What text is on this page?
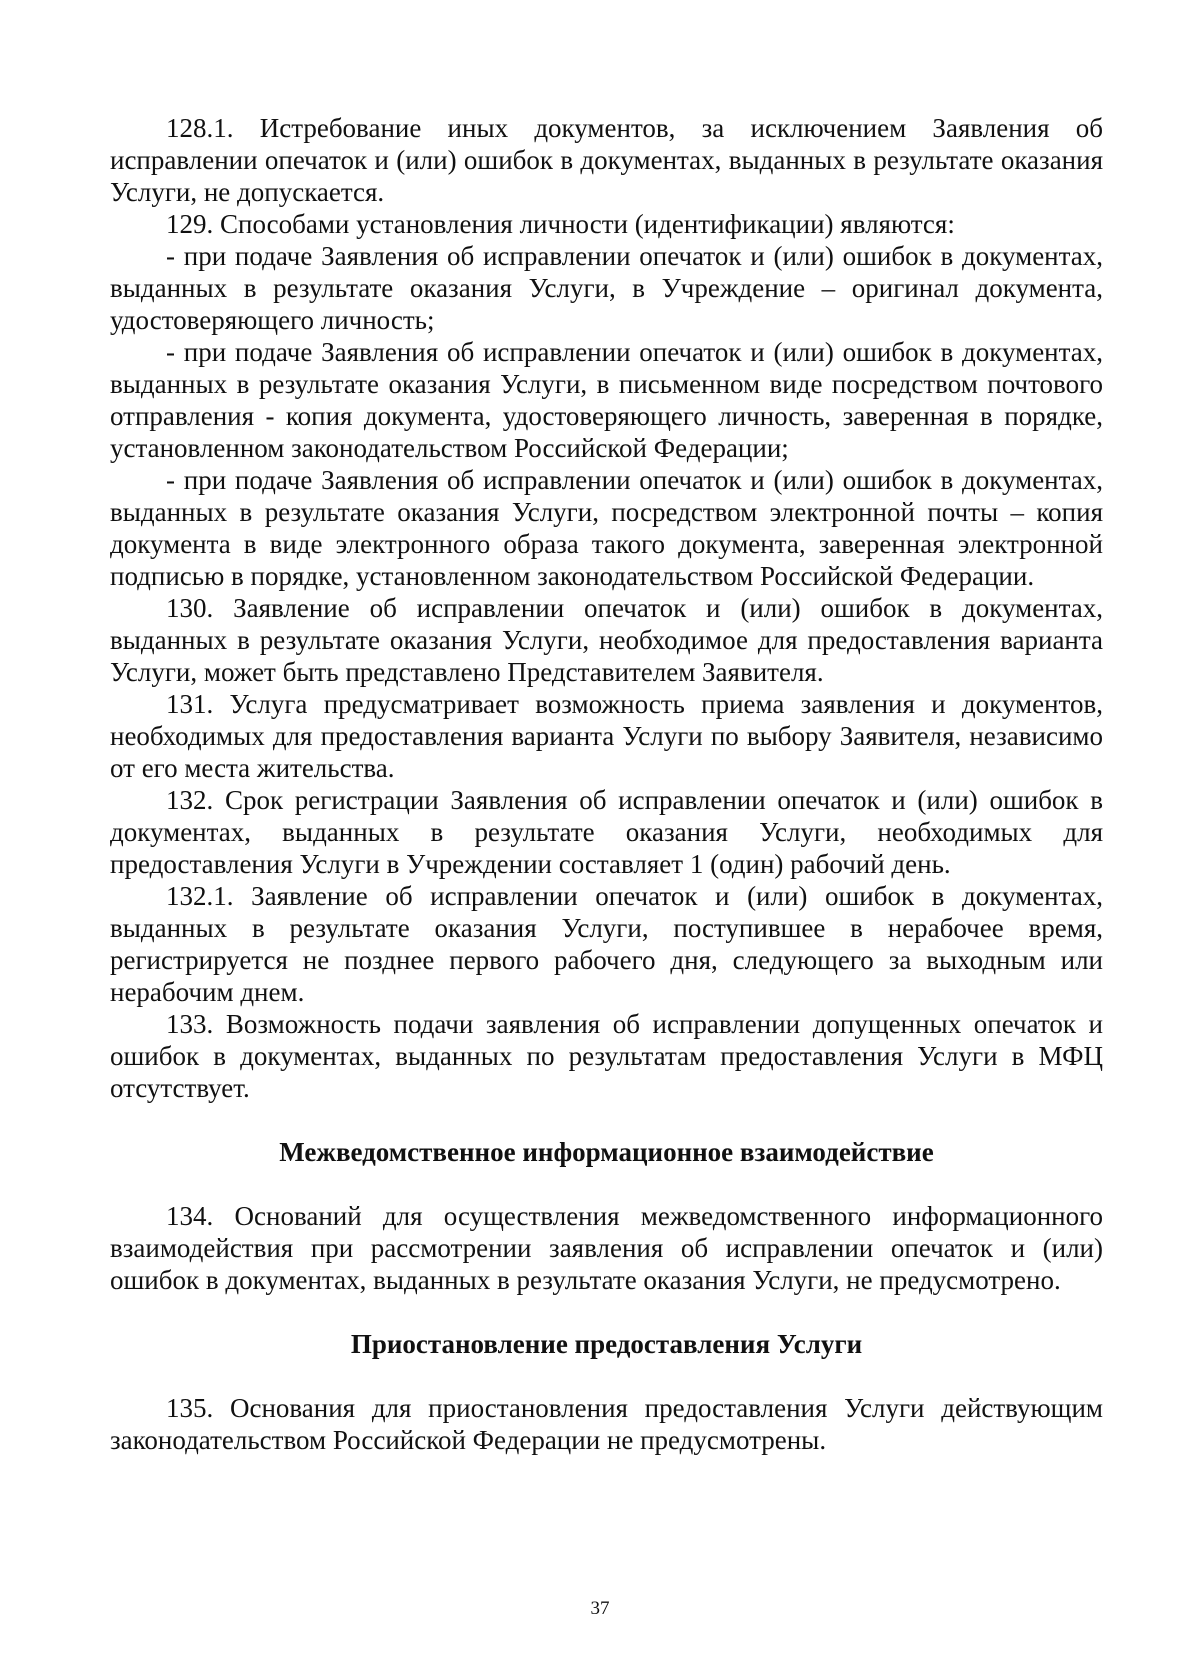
128.1. Истребование иных документов, за исключением Заявления об исправлении опечаток и (или) ошибок в документах, выданных в результате оказания Услуги, не допускается.

129. Способами установления личности (идентификации) являются:

- при подаче Заявления об исправлении опечаток и (или) ошибок в документах, выданных в результате оказания Услуги, в Учреждение – оригинал документа, удостоверяющего личность;

- при подаче Заявления об исправлении опечаток и (или) ошибок в документах, выданных в результате оказания Услуги, в письменном виде посредством почтового отправления - копия документа, удостоверяющего личность, заверенная в порядке, установленном законодательством Российской Федерации;

- при подаче Заявления об исправлении опечаток и (или) ошибок в документах, выданных в результате оказания Услуги, посредством электронной почты – копия документа в виде электронного образа такого документа, заверенная электронной подписью в порядке, установленном законодательством Российской Федерации.

130. Заявление об исправлении опечаток и (или) ошибок в документах, выданных в результате оказания Услуги, необходимое для предоставления варианта Услуги, может быть представлено Представителем Заявителя.

131. Услуга предусматривает возможность приема заявления и документов, необходимых для предоставления варианта Услуги по выбору Заявителя, независимо от его места жительства.

132. Срок регистрации Заявления об исправлении опечаток и (или) ошибок в документах, выданных в результате оказания Услуги, необходимых для предоставления Услуги в Учреждении составляет 1 (один) рабочий день.

132.1. Заявление об исправлении опечаток и (или) ошибок в документах, выданных в результате оказания Услуги, поступившее в нерабочее время, регистрируется не позднее первого рабочего дня, следующего за выходным или нерабочим днем.

133. Возможность подачи заявления об исправлении допущенных опечаток и ошибок в документах, выданных по результатам предоставления Услуги в МФЦ отсутствует.

Межведомственное информационное взаимодействие

134. Оснований для осуществления межведомственного информационного взаимодействия при рассмотрении заявления об исправлении опечаток и (или) ошибок в документах, выданных в результате оказания Услуги, не предусмотрено.

Приостановление предоставления Услуги

135. Основания для приостановления предоставления Услуги действующим законодательством Российской Федерации не предусмотрены.

37
